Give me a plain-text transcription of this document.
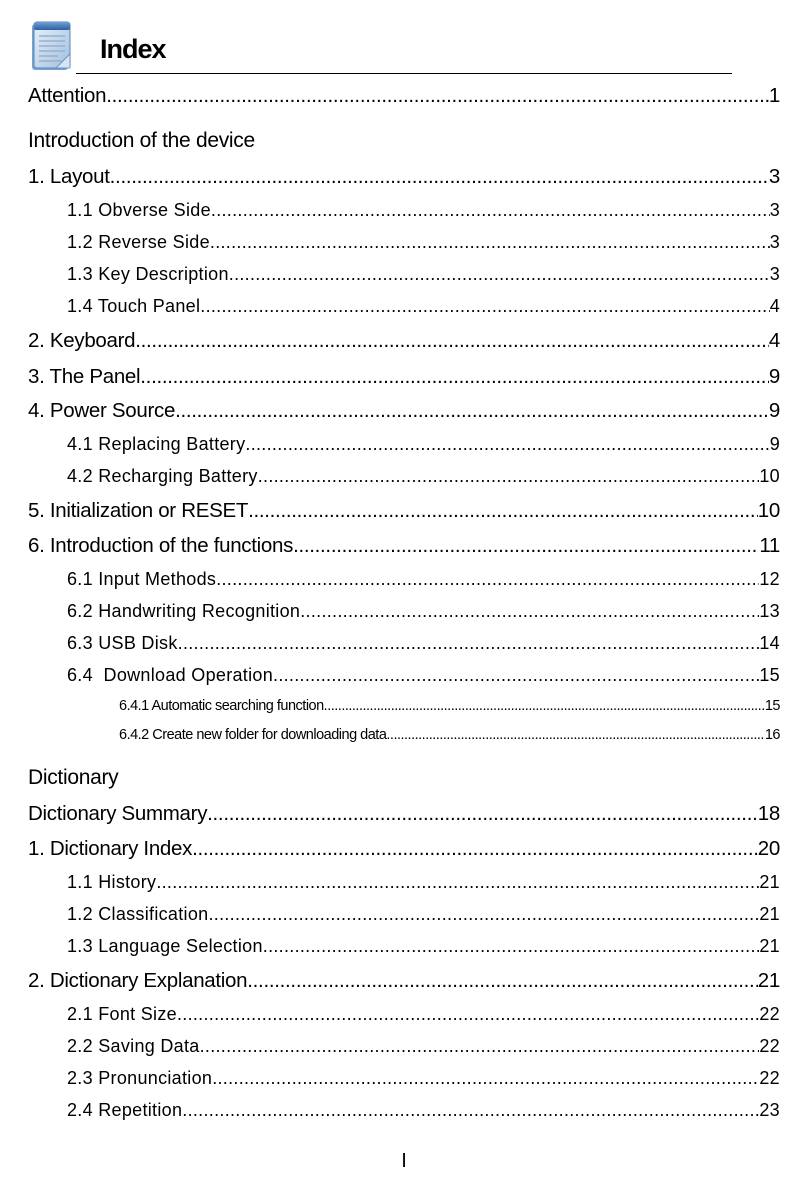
Index
Attention .....	1
Introduction of the device
1. Layout .....	3
1.1 Obverse Side .....	3
1.2 Reverse Side .....	3
1.3 Key Description .....	3
1.4 Touch Panel .....	4
2. Keyboard .....	4
3. The Panel .....	9
4. Power Source .....	9
4.1 Replacing Battery .....	9
4.2 Recharging Battery .....	10
5. Initialization or RESET .....	10
6. Introduction of the functions .....	11
6.1 Input Methods .....	12
6.2 Handwriting Recognition .....	13
6.3 USB Disk .....	14
6.4  Download Operation .....	15
6.4.1 Automatic searching function .....	15
6.4.2 Create new folder for downloading data .....	16
Dictionary
Dictionary Summary .....	18
1. Dictionary Index .....	20
1.1 History .....	21
1.2 Classification .....	21
1.3 Language Selection .....	21
2. Dictionary Explanation .....	21
2.1 Font Size .....	22
2.2 Saving Data .....	22
2.3 Pronunciation .....	22
2.4 Repetition .....	23
I
